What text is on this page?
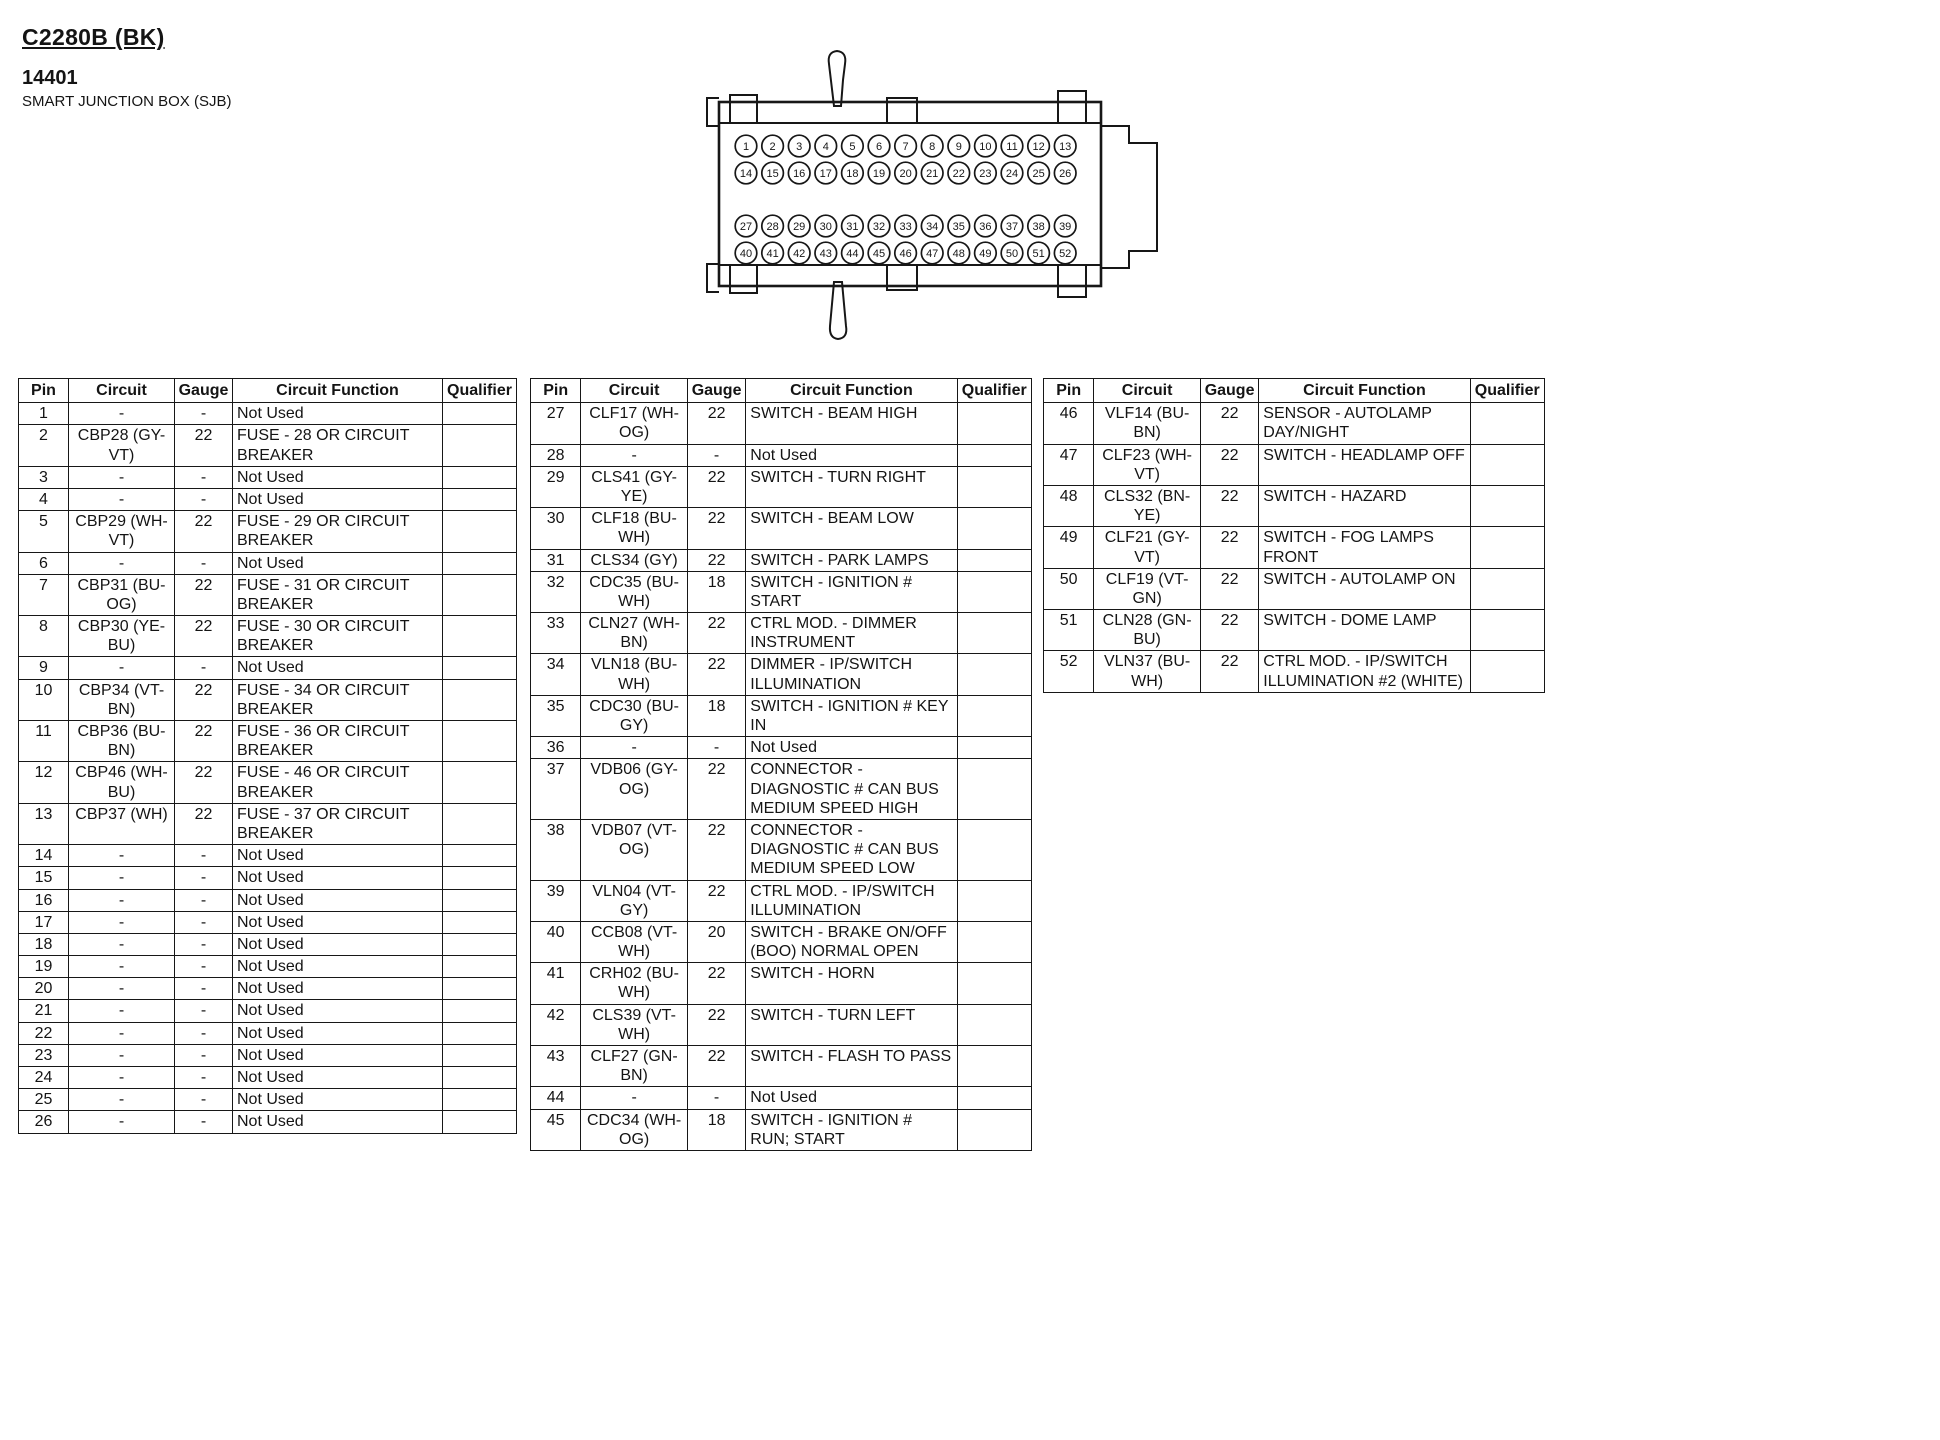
C2280B (BK)
14401
SMART JUNCTION BOX (SJB)
1 2 3 4 5 6 7 8 9 10 11 12 13
14 15 16 17 18 19 20 21 22 23 24 25 26
27 28 29 30 31 32 33 34 35 36 37 38 39
40 41 42 43 44 45 46 47 48 49 50 51 52
Pin	Circuit	Gauge	Circuit Function	Qualifier
1	-	-	Not Used	
2	CBP28 (GY-VT)	22	FUSE - 28 OR CIRCUIT BREAKER	
3	-	-	Not Used	
4	-	-	Not Used	
5	CBP29 (WH-VT)	22	FUSE - 29 OR CIRCUIT BREAKER	
6	-	-	Not Used	
7	CBP31 (BU-OG)	22	FUSE - 31 OR CIRCUIT BREAKER	
8	CBP30 (YE-BU)	22	FUSE - 30 OR CIRCUIT BREAKER	
9	-	-	Not Used	
10	CBP34 (VT-BN)	22	FUSE - 34 OR CIRCUIT BREAKER	
11	CBP36 (BU-BN)	22	FUSE - 36 OR CIRCUIT BREAKER	
12	CBP46 (WH-BU)	22	FUSE - 46 OR CIRCUIT BREAKER	
13	CBP37 (WH)	22	FUSE - 37 OR CIRCUIT BREAKER	
14	-	-	Not Used	
15	-	-	Not Used	
16	-	-	Not Used	
17	-	-	Not Used	
18	-	-	Not Used	
19	-	-	Not Used	
20	-	-	Not Used	
21	-	-	Not Used	
22	-	-	Not Used	
23	-	-	Not Used	
24	-	-	Not Used	
25	-	-	Not Used	
26	-	-	Not Used	
Pin	Circuit	Gauge	Circuit Function	Qualifier
27	CLF17 (WH-OG)	22	SWITCH - BEAM HIGH	
28	-	-	Not Used	
29	CLS41 (GY-YE)	22	SWITCH - TURN RIGHT	
30	CLF18 (BU-WH)	22	SWITCH - BEAM LOW	
31	CLS34 (GY)	22	SWITCH - PARK LAMPS	
32	CDC35 (BU-WH)	18	SWITCH - IGNITION # START	
33	CLN27 (WH-BN)	22	CTRL MOD. - DIMMER INSTRUMENT	
34	VLN18 (BU-WH)	22	DIMMER - IP/SWITCH ILLUMINATION	
35	CDC30 (BU-GY)	18	SWITCH - IGNITION # KEY IN	
36	-	-	Not Used	
37	VDB06 (GY-OG)	22	CONNECTOR - DIAGNOSTIC # CAN BUS MEDIUM SPEED HIGH	
38	VDB07 (VT-OG)	22	CONNECTOR - DIAGNOSTIC # CAN BUS MEDIUM SPEED LOW	
39	VLN04 (VT-GY)	22	CTRL MOD. - IP/SWITCH ILLUMINATION	
40	CCB08 (VT-WH)	20	SWITCH - BRAKE ON/OFF (BOO) NORMAL OPEN	
41	CRH02 (BU-WH)	22	SWITCH - HORN	
42	CLS39 (VT-WH)	22	SWITCH - TURN LEFT	
43	CLF27 (GN-BN)	22	SWITCH - FLASH TO PASS	
44	-	-	Not Used	
45	CDC34 (WH-OG)	18	SWITCH - IGNITION # RUN; START	
Pin	Circuit	Gauge	Circuit Function	Qualifier
46	VLF14 (BU-BN)	22	SENSOR - AUTOLAMP DAY/NIGHT	
47	CLF23 (WH-VT)	22	SWITCH - HEADLAMP OFF	
48	CLS32 (BN-YE)	22	SWITCH - HAZARD	
49	CLF21 (GY-VT)	22	SWITCH - FOG LAMPS FRONT	
50	CLF19 (VT-GN)	22	SWITCH - AUTOLAMP ON	
51	CLN28 (GN-BU)	22	SWITCH - DOME LAMP	
52	VLN37 (BU-WH)	22	CTRL MOD. - IP/SWITCH ILLUMINATION #2 (WHITE)	
